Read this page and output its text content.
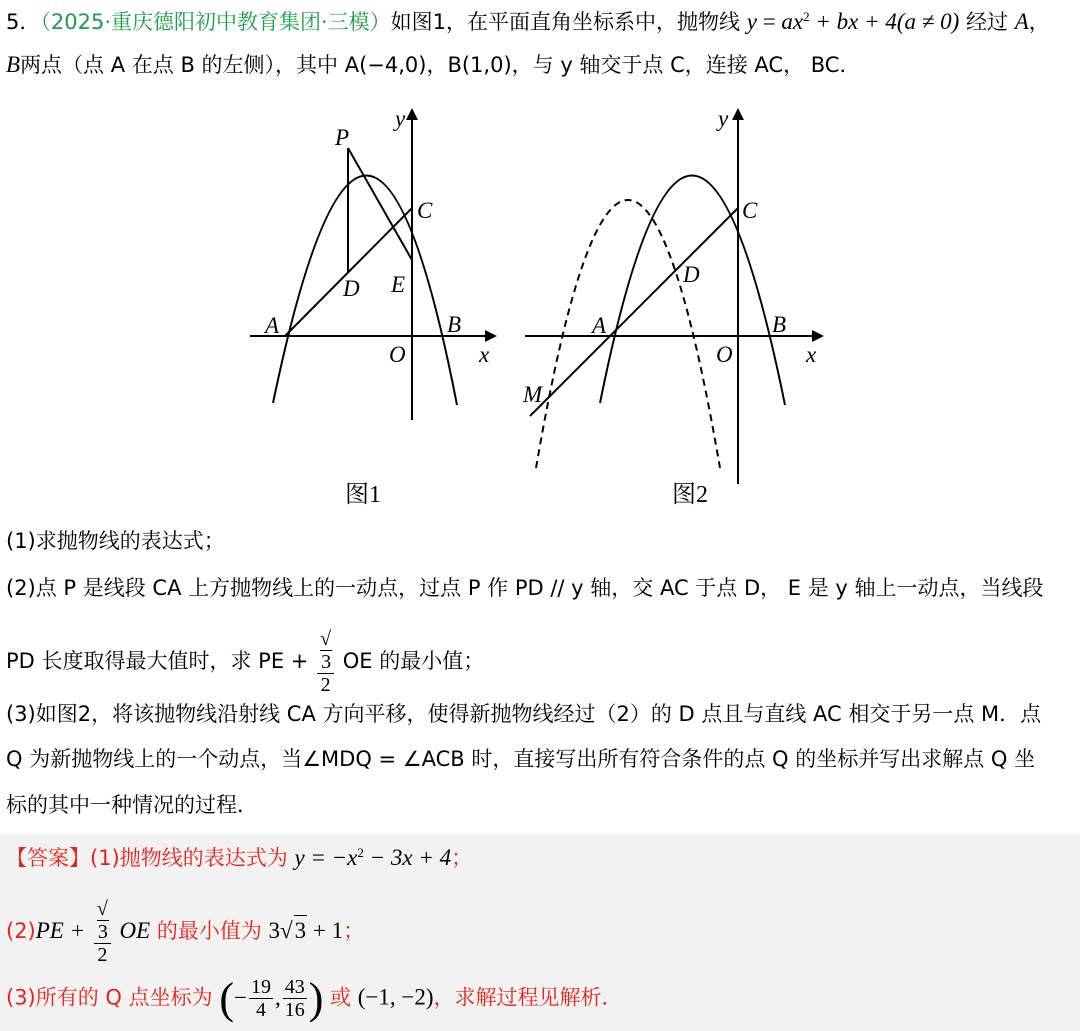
5．（2025·重庆德阳初中教育集团·三模）如图1，在平面直角坐标系中，抛物线 $y = ax^2$ + bx + 4(a ≠ 0) 经过 A，
B两点（点 A 在点 B 的左侧），其中 A(−4,0)，B(1,0)，与 y 轴交于点 C，连接 AC， BC．
P
C
D E
A	B
O	x
y
图1
C
D
A	B
O
M
x
y
图2
(1)求抛物线的表达式；
(2)点 P 是线段 CA 上方抛物线上的一动点，过点 P 作 PD // y 轴，交 AC 于点 D， E 是 y 轴上一动点，当线段
PD 长度取得最大值时，求 PE + √
3
2 OE 的最小值；
(3)如图2，将该抛物线沿射线 CA 方向平移，使得新抛物线经过（2）的 D 点且与直线 AC 相交于另一点 M．点
Q 为新抛物线上的一个动点，当∠MDQ = ∠ACB 时，直接写出所有符合条件的点 Q 的坐标并写出求解点 Q 坐
标的其中一种情况的过程．
【答案】(1)抛物线的表达式为 $y = -x^2 - 3x + 4$；
(2)PE + √
3
2 OE 的最小值为 3√3 + 1；
(3)所有的 Q 点坐标为 (− $\frac{19}{4}$ , $\frac{43}{16}$ ) 或 (−1, −2)，求解过程见解析．
